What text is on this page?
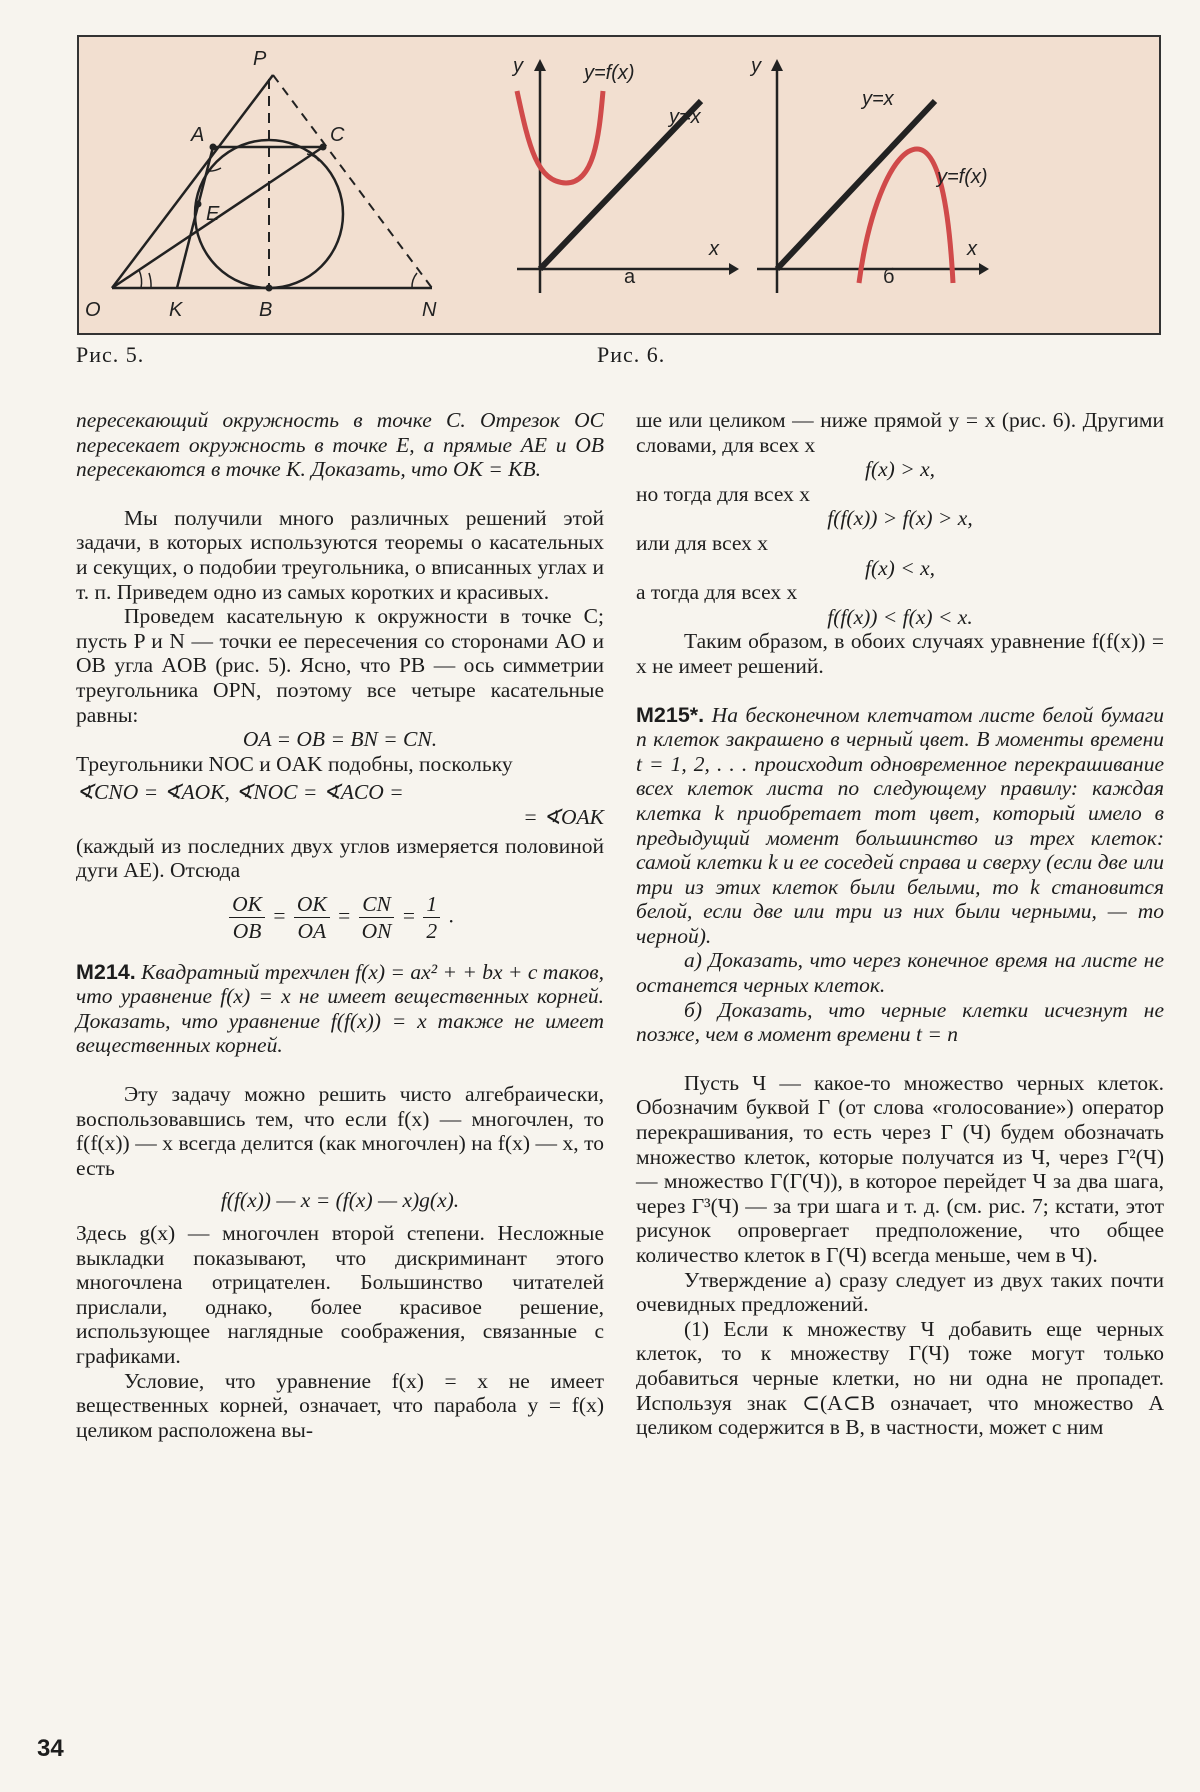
P
A	C
E
O	K	B	N
y
x
y=f(x)
y=x
а
y
x
y=x
y=f(x)
б
Рис. 5.	Рис. 6.

пересекающий окружность в точке C. Отрезок OC пересекает окружность в точке E, а прямые AE и OB пересекаются в точке K. Доказать, что OK = KB.

Мы получили много различных решений этой задачи, в которых используются теоремы о касательных и секущих, о подобии треугольника, о вписанных углах и т. п. Приведем одно из самых коротких и красивых.

Проведем касательную к окружности в точке C; пусть P и N — точки ее пересечения со сторонами AO и OB угла AOB (рис. 5). Ясно, что PB — ось симметрии треугольника OPN, поэтому все четыре касательные равны:

OA = OB = BN = CN.

Треугольники NOC и OAK подобны, поскольку

∢CNO = ∢AOK, ∢NOC = ∢ACO =

= ∢OAK

(каждый из последних двух углов измеряется половиной дуги AE). Отсюда

$\frac{OK}{OB} = \frac{OK}{OA} = \frac{CN}{ON} = \frac{1}{2}$ .

M214. Квадратный трехчлен f(x) = ax² + + bx + c таков, что уравнение f(x) = x не имеет вещественных корней. Доказать, что уравнение f(f(x)) = x также не имеет вещественных корней.

Эту задачу можно решить чисто алгебраически, воспользовавшись тем, что если f(x) — многочлен, то f(f(x)) — x всегда делится (как многочлен) на f(x) — x, то есть

f(f(x)) — x = (f(x) — x)g(x).

Здесь g(x) — многочлен второй степени. Несложные выкладки показывают, что дискриминант этого многочлена отрицателен. Большинство читателей прислали, однако, более красивое решение, использующее наглядные соображения, связанные с графиками.

Условие, что уравнение f(x) = x не имеет вещественных корней, означает, что парабола y = f(x) целиком расположена вы-

ше или целиком — ниже прямой y = x (рис. 6). Другими словами, для всех x

f(x) > x,

но тогда для всех x

f(f(x)) > f(x) > x,

или для всех x

f(x) < x,

а тогда для всех x

f(f(x)) < f(x) < x.

Таким образом, в обоих случаях уравнение f(f(x)) = x не имеет решений.

M215*. На бесконечном клетчатом листе белой бумаги n клеток закрашено в черный цвет. В моменты времени t = 1, 2, . . . происходит одновременное перекрашивание всех клеток листа по следующему правилу: каждая клетка k приобретает тот цвет, который имело в предыдущий момент большинство из трех клеток: самой клетки k и ее соседей справа и сверху (если две или три из этих клеток были белыми, то k становится белой, если две или три из них были черными, — то черной).

а) Доказать, что через конечное время на листе не останется черных клеток.

б) Доказать, что черные клетки исчезнут не позже, чем в момент времени t = n

Пусть Ч — какое-то множество черных клеток. Обозначим буквой Г (от слова «голосование») оператор перекрашивания, то есть через Г (Ч) будем обозначать множество клеток, которые получатся из Ч, через Г²(Ч) — множество Г(Г(Ч)), в которое перейдет Ч за два шага, через Г³(Ч) — за три шага и т. д. (см. рис. 7; кстати, этот рисунок опровергает предположение, что общее количество клеток в Г(Ч) всегда меньше, чем в Ч).

Утверждение а) сразу следует из двух таких почти очевидных предложений.

(1) Если к множеству Ч добавить еще черных клеток, то к множеству Г(Ч) тоже могут только добавиться черные клетки, но ни одна не пропадет. Используя знак ⊂(A⊂B означает, что множество A целиком содержится в B, в частности, может с ним

34
